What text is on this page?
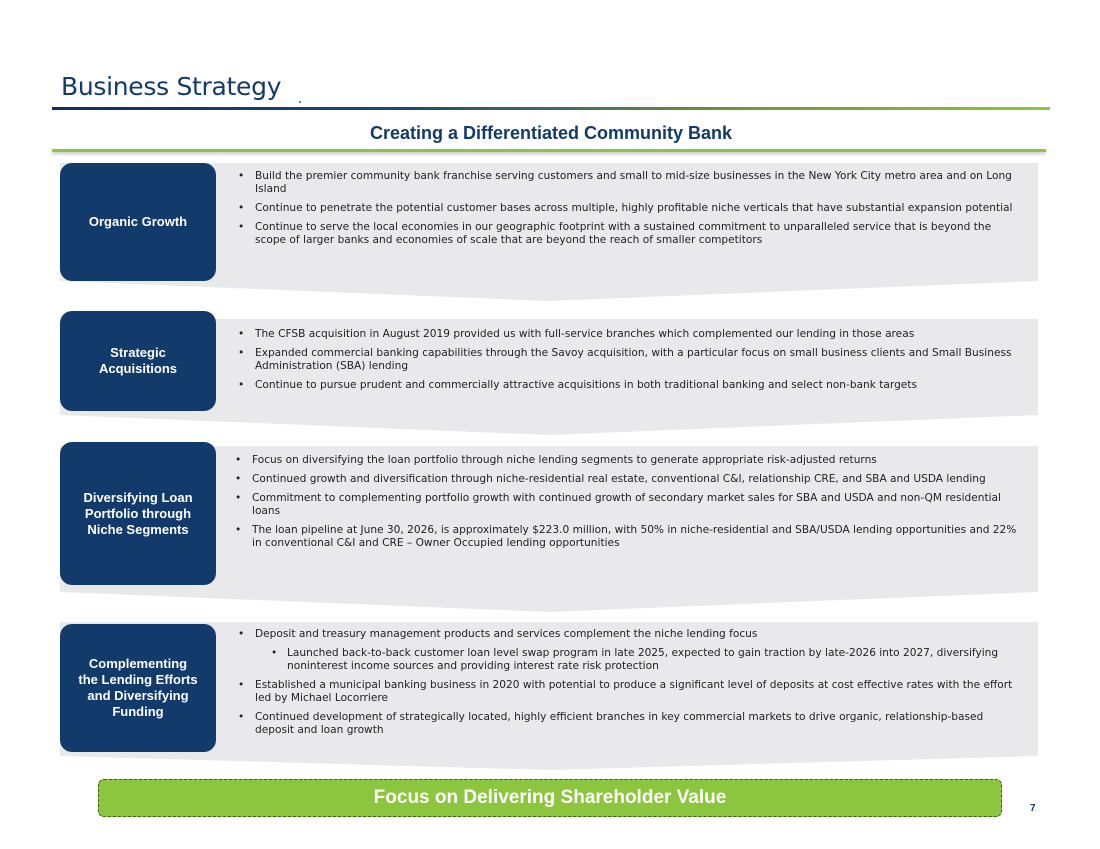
Business Strategy
Creating a Differentiated Community Bank
Organic Growth
• Build the premier community bank franchise serving customers and small to mid-size businesses in the New York City metro area and on Long Island
• Continue to penetrate the potential customer bases across multiple, highly profitable niche verticals that have substantial expansion potential
• Continue to serve the local economies in our geographic footprint with a sustained commitment to unparalleled service that is beyond the scope of larger banks and economies of scale that are beyond the reach of smaller competitors
Strategic Acquisitions
• The CFSB acquisition in August 2019 provided us with full-service branches which complemented our lending in those areas
• Expanded commercial banking capabilities through the Savoy acquisition, with a particular focus on small business clients and Small Business Administration (SBA) lending
• Continue to pursue prudent and commercially attractive acquisitions in both traditional banking and select non-bank targets
Diversifying Loan Portfolio through Niche Segments
• Focus on diversifying the loan portfolio through niche lending segments to generate appropriate risk-adjusted returns
• Continued growth and diversification through niche-residential real estate, conventional C&I, relationship CRE, and SBA and USDA lending
• Commitment to complementing portfolio growth with continued growth of secondary market sales for SBA and USDA and non-QM residential loans
• The loan pipeline at June 30, 2026, is approximately $223.0 million, with 50% in niche-residential and SBA/USDA lending opportunities and 22% in conventional C&I and CRE – Owner Occupied lending opportunities
Complementing the Lending Efforts and Diversifying Funding
• Deposit and treasury management products and services complement the niche lending focus
• Launched back-to-back customer loan level swap program in late 2025, expected to gain traction by late-2026 into 2027, diversifying noninterest income sources and providing interest rate risk protection
• Established a municipal banking business in 2020 with potential to produce a significant level of deposits at cost effective rates with the effort led by Michael Locorriere
• Continued development of strategically located, highly efficient branches in key commercial markets to drive organic, relationship-based deposit and loan growth
Focus on Delivering Shareholder Value
7
